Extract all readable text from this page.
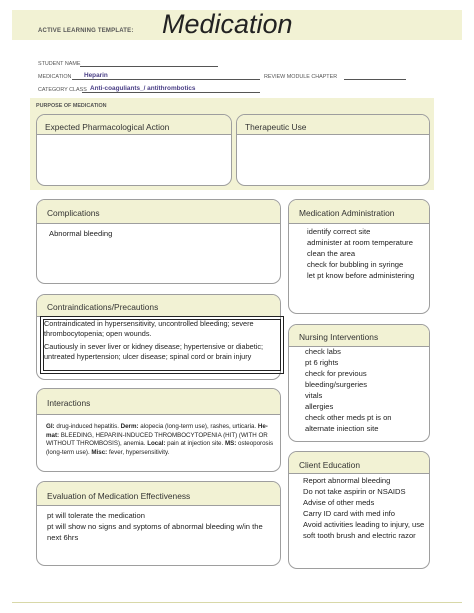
ACTIVE LEARNING TEMPLATE: Medication
STUDENT NAME
MEDICATION Heparin	REVIEW MODULE CHAPTER
CATEGORY CLASS Anti-coaguliants_/ antithrombotics
PURPOSE OF MEDICATION
Expected Pharmacological Action	Therapeutic Use
Complications
Abnormal bleeding
Medication Administration
identify correct site
administer at room temperature
clean the area
check for bubbling in syringe
let pt know before administering
Contraindications/Precautions
Contraindicated in hypersensitivity, uncontrolled bleeding; severe
thrombocytopenia; open wounds.
Cautiously in sever liver or kidney disease; hypertensive or diabetic;
untreated hypertension; ulcer disease; spinal cord or brain injury
Nursing Interventions
check labs
pt 6 rights
check for previous
bleeding/surgeries
vitals
allergies
check other meds pt is on
alternate iniection site
Interactions
GI: drug-induced hepatitis. Derm: alopecia (long-term use), rashes, urticaria. He- mat: BLEEDING, HEPARIN-INDUCED THROMBOCYTOPENIA (HIT) (WITH OR WITHOUT THROMBOSIS), anemia. Local: pain at injection site. MS: osteoporosis (long-term use). Misc: fever, hypersensitivity.
Client Education
Report abnormal bleeding
Do not take aspirin or NSAIDS
Advise of other meds
Carry ID card with med info
Avoid activities leading to injury, use
soft tooth brush and electric razor
Evaluation of Medication Effectiveness
pt will tolerate the medication
pt will show no signs and syptoms of abnormal bleeding w/in the
next 6hrs
